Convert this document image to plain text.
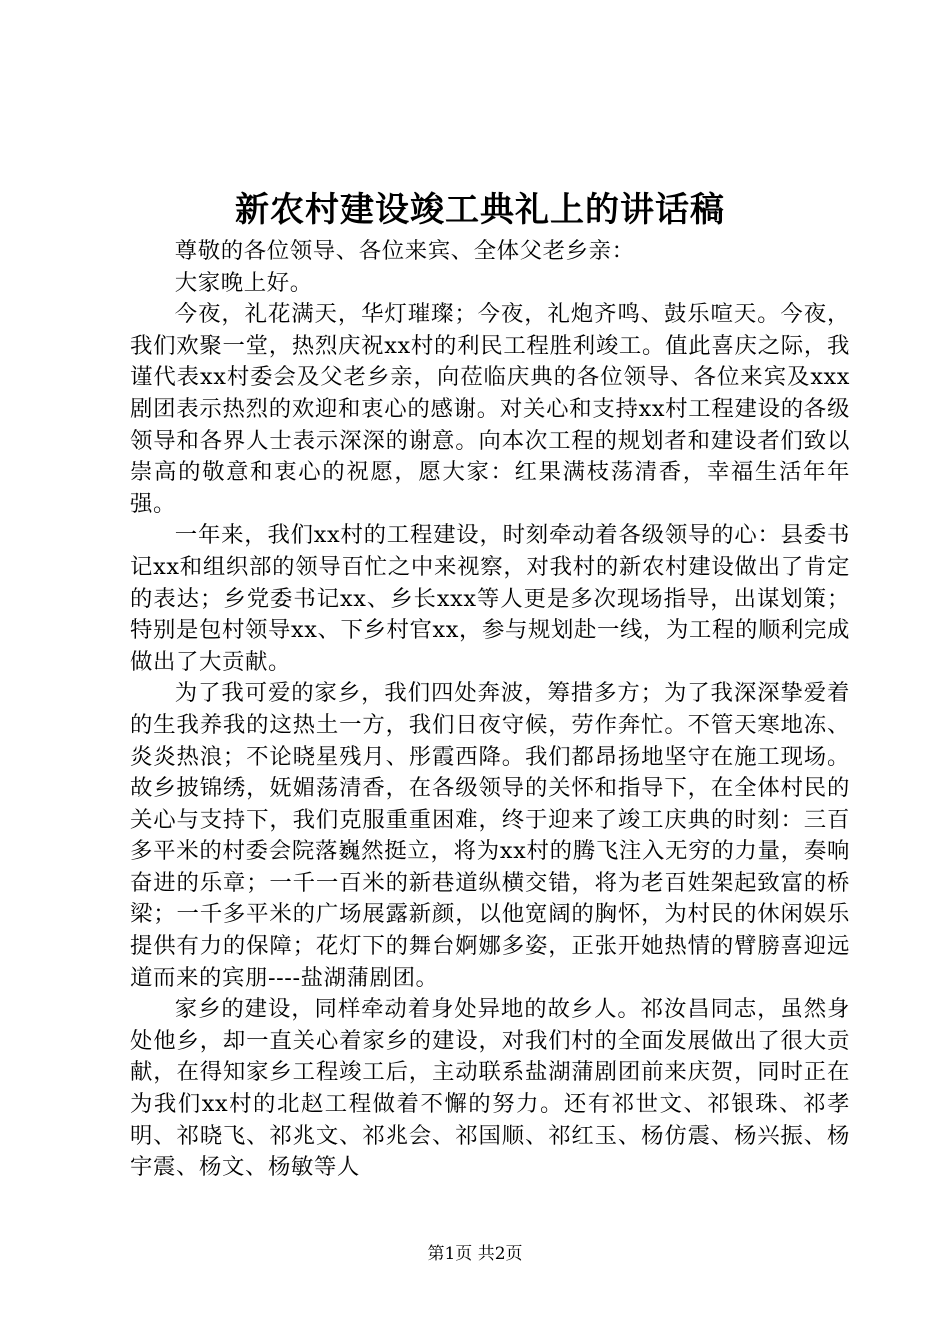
新农村建设竣工典礼上的讲话稿

尊敬的各位领导、各位来宾、全体父老乡亲：

大家晚上好。

今夜，礼花满天，华灯璀璨；今夜，礼炮齐鸣、鼓乐喧天。今夜，我们欢聚一堂，热烈庆祝xx村的利民工程胜利竣工。值此喜庆之际，我谨代表xx村委会及父老乡亲，向莅临庆典的各位领导、各位来宾及xxx剧团表示热烈的欢迎和衷心的感谢。对关心和支持xx村工程建设的各级领导和各界人士表示深深的谢意。向本次工程的规划者和建设者们致以崇高的敬意和衷心的祝愿，愿大家：红果满枝荡清香，幸福生活年年强。

一年来，我们xx村的工程建设，时刻牵动着各级领导的心：县委书记xx和组织部的领导百忙之中来视察，对我村的新农村建设做出了肯定的表达；乡党委书记xx、乡长xxx等人更是多次现场指导，出谋划策；特别是包村领导xx、下乡村官xx，参与规划赴一线，为工程的顺利完成做出了大贡献。

为了我可爱的家乡，我们四处奔波，筹措多方；为了我深深挚爱着的生我养我的这热土一方，我们日夜守候，劳作奔忙。不管天寒地冻、炎炎热浪；不论晓星残月、彤霞西降。我们都昂扬地坚守在施工现场。故乡披锦绣，妩媚荡清香，在各级领导的关怀和指导下，在全体村民的关心与支持下，我们克服重重困难，终于迎来了竣工庆典的时刻：三百多平米的村委会院落巍然挺立，将为xx村的腾飞注入无穷的力量，奏响奋进的乐章；一千一百米的新巷道纵横交错，将为老百姓架起致富的桥梁；一千多平米的广场展露新颜，以他宽阔的胸怀，为村民的休闲娱乐提供有力的保障；花灯下的舞台婀娜多姿，正张开她热情的臂膀喜迎远道而来的宾朋----盐湖蒲剧团。

家乡的建设，同样牵动着身处异地的故乡人。祁汝昌同志，虽然身处他乡，却一直关心着家乡的建设，对我们村的全面发展做出了很大贡献，在得知家乡工程竣工后，主动联系盐湖蒲剧团前来庆贺，同时正在为我们xx村的北赵工程做着不懈的努力。还有祁世文、祁银珠、祁孝明、祁晓飞、祁兆文、祁兆会、祁国顺、祁红玉、杨仿震、杨兴振、杨宇震、杨文、杨敏等人

第1页 共2页
